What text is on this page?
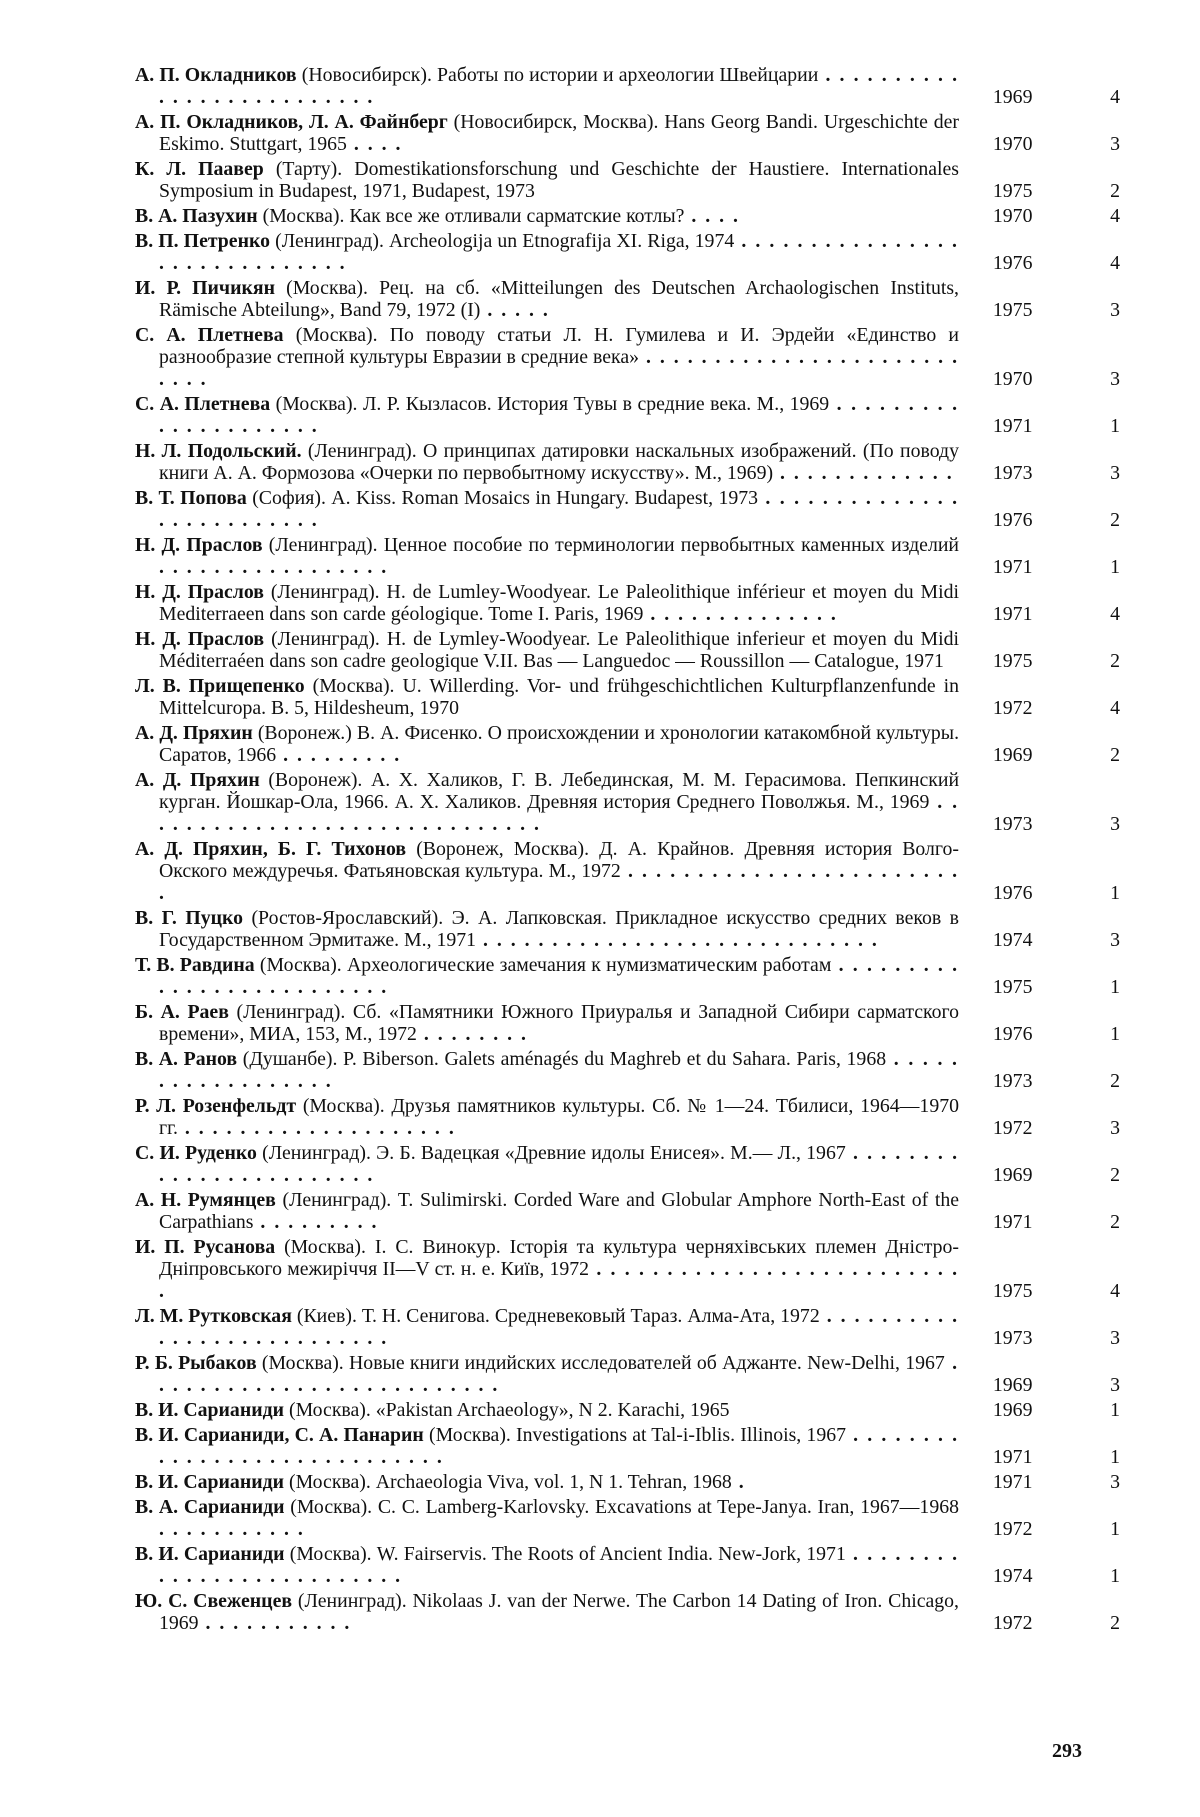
А. П. Окладников (Новосибирск). Работы по истории и археологии Швейцарии . . . . . . . . . . . . . . . . . . . . . . . . . .	1969	4
А. П. Окладников, Л. А. Файнберг (Новосибирск, Москва). Hans Georg Bandi. Urgeschichte der Eskimo. Stuttgart, 1965 . . . .	1970	3
К. Л. Паавер (Тарту). Domestikationsforschung und Geschichte der Haustiere. Internationales Symposium in Budapest, 1971, Budapest, 1973	1975	2
В. А. Пазухин (Москва). Как все же отливали сарматские котлы? . . . .	1970	4
В. П. Петренко (Ленинград). Archeologija un Etnografija XI. Riga, 1974 . . . . . . . . . . . . . . . . . . . . . . . . . . . . . .	1976	4
И. Р. Пичикян (Москва). Рец. на сб. «Mitteilungen des Deutschen Archaologischen Instituts, Rämische Abteilung», Band 79, 1972 (I) . . . . .	1975	3
С. А. Плетнева (Москва). По поводу статьи Л. Н. Гумилева и И. Эрдейи «Единство и разнообразие степной культуры Евразии в средние века» . . . . . . . . . . . . . . . . . . . . . . . . . . .	1970	3
С. А. Плетнева (Москва). Л. Р. Кызласов. История Тувы в средние века. М., 1969 . . . . . . . . . . . . . . . . . . . . .	1971	1
Н. Л. Подольский. (Ленинград). О принципах датировки наскальных изображений. (По поводу книги А. А. Формозова «Очерки по первобытному искусству». М., 1969) . . . . . . . . . . . . .	1973	3
В. Т. Попова (София). A. Kiss. Roman Mosaics in Hungary. Budapest, 1973 . . . . . . . . . . . . . . . . . . . . . . . . . .	1976	2
Н. Д. Праслов (Ленинград). Ценное пособие по терминологии первобытных каменных изделий . . . . . . . . . . . . . . . . .	1971	1
Н. Д. Праслов (Ленинград). H. de Lumley-Woodyear. Le Paleolithique inférieur et moyen du Midi Mediterraeen dans son carde géologique. Tome I. Paris, 1969 . . . . . . . . . . . . . .	1971	4
Н. Д. Праслов (Ленинград). H. de Lymley-Woodyear. Le Paleolithique inferieur et moyen du Midi Méditerraéen dans son cadre geologique V.II. Bas — Languedoc — Roussillon — Catalogue, 1971	1975	2
Л. В. Прищепенко (Москва). U. Willerding. Vor- und frühgeschichtlichen Kulturpflanzenfunde in Mittelcuropa. B. 5, Hildesheum, 1970	1972	4
А. Д. Пряхин (Воронеж.) В. А. Фисенко. О происхождении и хронологии катакомбной культуры. Саратов, 1966 . . . . . . . . .	1969	2
А. Д. Пряхин (Воронеж). А. Х. Халиков, Г. В. Лебединская, М. М. Герасимова. Пепкинский курган. Йошкар-Ола, 1966. А. Х. Халиков. Древняя история Среднего Поволжья. М., 1969 . . . . . . . . . . . . . . . . . . . . . . . . . . . . . .	1973	3
А. Д. Пряхин, Б. Г. Тихонов (Воронеж, Москва). Д. А. Крайнов. Древняя история Волго-Окского междуречья. Фатьяновская культура. М., 1972 . . . . . . . . . . . . . . . . . . . . . . . . .	1976	1
В. Г. Пуцко (Ростов-Ярославский). Э. А. Лапковская. Прикладное искусство средних веков в Государственном Эрмитаже. М., 1971 . . . . . . . . . . . . . . . . . . . . . . . . . . . . .	1974	3
Т. В. Равдина (Москва). Археологические замечания к нумизматическим работам . . . . . . . . . . . . . . . . . . . . . . . . . .	1975	1
Б. А. Раев (Ленинград). Сб. «Памятники Южного Приуралья и Западной Сибири сарматского времени», МИА, 153, М., 1972 . . . . . . . .	1976	1
В. А. Ранов (Душанбе). P. Biberson. Galets aménagés du Maghreb et du Sahara. Paris, 1968 . . . . . . . . . . . . . . . . . .	1973	2
Р. Л. Розенфельдт (Москва). Друзья памятников культуры. Сб. № 1—24. Тбилиси, 1964—1970 гг. . . . . . . . . . . . . . . . . . . . .	1972	3
С. И. Руденко (Ленинград). Э. Б. Вадецкая «Древние идолы Енисея». М.— Л., 1967 . . . . . . . . . . . . . . . . . . . . . . . .	1969	2
А. Н. Румянцев (Ленинград). T. Sulimirski. Corded Ware and Globular Amphore North-East of the Carpathians . . . . . . . . .	1971	2
И. П. Русанова (Москва). І. С. Винокур. Історія та культура черняхівських племен Дністро-Дніпровського межиріччя II—V ст. н. е. Київ, 1972 . . . . . . . . . . . . . . . . . . . . . . . . . . .	1975	4
Л. М. Рутковская (Киев). Т. Н. Сенигова. Средневековый Тараз. Алма-Ата, 1972 . . . . . . . . . . . . . . . . . . . . . . . . . . .	1973	3
Р. Б. Рыбаков (Москва). Новые книги индийских исследователей об Аджанте. New-Delhi, 1967 . . . . . . . . . . . . . . . . . . . . . . . . . .	1969	3
В. И. Сарианиди (Москва). «Pakistan Archaeology», N 2. Karachi, 1965	1969	1
В. И. Сарианиди, С. А. Панарин (Москва). Investigations at Tal-i-Iblis. Illinois, 1967 . . . . . . . . . . . . . . . . . . . . . . . . . . . . .	1971	1
В. И. Сарианиди (Москва). Archaeologia Viva, vol. 1, N 1. Tehran, 1968 .	1971	3
В. А. Сарианиди (Москва). С. С. Lamberg-Karlovsky. Excavations at Tepe-Janya. Iran, 1967—1968 . . . . . . . . . . .	1972	1
В. И. Сарианиди (Москва). W. Fairservis. The Roots of Ancient India. New-Jork, 1971 . . . . . . . . . . . . . . . . . . . . . . . . . .	1974	1
Ю. С. Свеженцев (Ленинград). Nikolaas J. van der Nerwe. The Carbon 14 Dating of Iron. Chicago, 1969 . . . . . . . . . . .	1972	2
293
